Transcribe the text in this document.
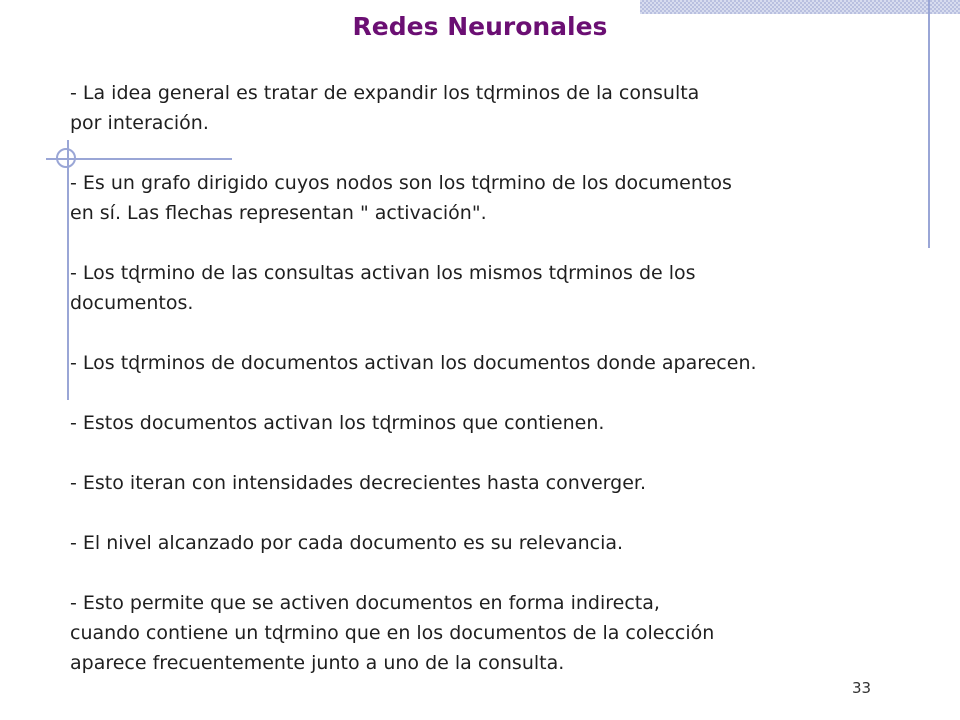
Redes Neuronales

- La idea general es tratar de expandir los tɖrminos de la consulta
por interación.

- Es un grafo dirigido cuyos nodos son los tɖrmino de los documentos
en sí. Las flechas representan " activación".

- Los tɖrmino de las consultas activan los mismos tɖrminos de los
documentos.

- Los tɖrminos de documentos activan los documentos donde aparecen.

- Estos documentos activan los tɖrminos que contienen.

- Esto iteran con intensidades decrecientes hasta converger.

- El nivel alcanzado por cada documento es su relevancia.

- Esto permite que se activen documentos en forma indirecta,
cuando contiene un tɖrmino que en los documentos de la colección
aparece frecuentemente junto a uno de la consulta.

33
